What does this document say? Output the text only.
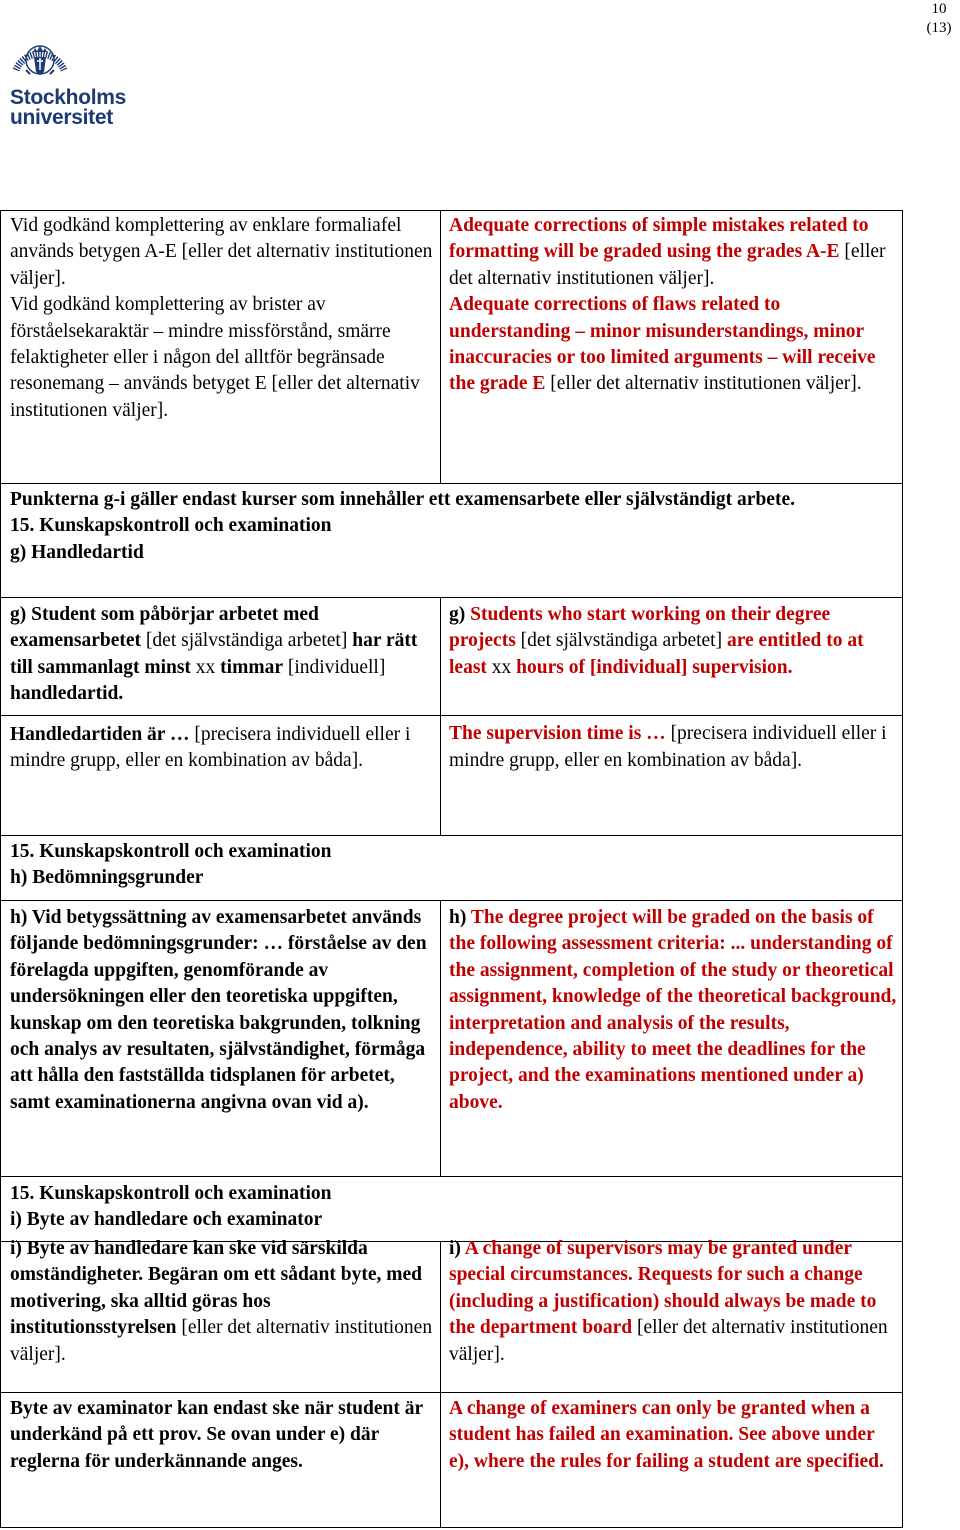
10
(13)
Stockholms
universitet

Vid godkänd komplettering av enklare formaliafel används betygen A-E [eller det alternativ institutionen väljer].

Vid godkänd komplettering av brister av förståelsekaraktär – mindre missförstånd, smärre felaktigheter eller i någon del alltför begränsade resonemang – används betyget E [eller det alternativ institutionen väljer].

Adequate corrections of simple mistakes related to formatting will be graded using the grades A-E [eller det alternativ institutionen väljer].

Adequate corrections of flaws related to understanding – minor misunderstandings, minor inaccuracies or too limited arguments – will receive the grade E [eller det alternativ institutionen väljer].

Punkterna g-i gäller endast kurser som innehåller ett examensarbete eller självständigt arbete.

15. Kunskapskontroll och examination

g) Handledartid

g) Student som påbörjar arbetet med examensarbetet [det självständiga arbetet] har rätt till sammanlagt minst xx timmar [individuell] handledartid.

Handledartiden är … [precisera individuell eller i mindre grupp, eller en kombination av båda].

g) Students who start working on their degree projects [det självständiga arbetet] are entitled to at least xx hours of [individual] supervision.

The supervision time is … [precisera individuell eller i mindre grupp, eller en kombination av båda].

15. Kunskapskontroll och examination

h) Bedömningsgrunder

h) Vid betygssättning av examensarbetet används följande bedömningsgrunder: … förståelse av den förelagda uppgiften, genomförande av undersökningen eller den teoretiska uppgiften, kunskap om den teoretiska bakgrunden, tolkning och analys av resultaten, självständighet, förmåga att hålla den fastställda tidsplanen för arbetet, samt examinationerna angivna ovan vid a).

h) The degree project will be graded on the basis of the following assessment criteria: ... understanding of the assignment, completion of the study or theoretical assignment, knowledge of the theoretical background, interpretation and analysis of the results, independence, ability to meet the deadlines for the project, and the examinations mentioned under a) above.

15. Kunskapskontroll och examination

i) Byte av handledare och examinator

i) Byte av handledare kan ske vid särskilda omständigheter. Begäran om ett sådant byte, med motivering, ska alltid göras hos institutionsstyrelsen [eller det alternativ institutionen väljer].

i) A change of supervisors may be granted under special circumstances. Requests for such a change (including a justification) should always be made to the department board [eller det alternativ institutionen väljer].

Byte av examinator kan endast ske när student är underkänd på ett prov. Se ovan under e) där reglerna för underkännande anges.

A change of examiners can only be granted when a student has failed an examination. See above under e), where the rules for failing a student are specified.
